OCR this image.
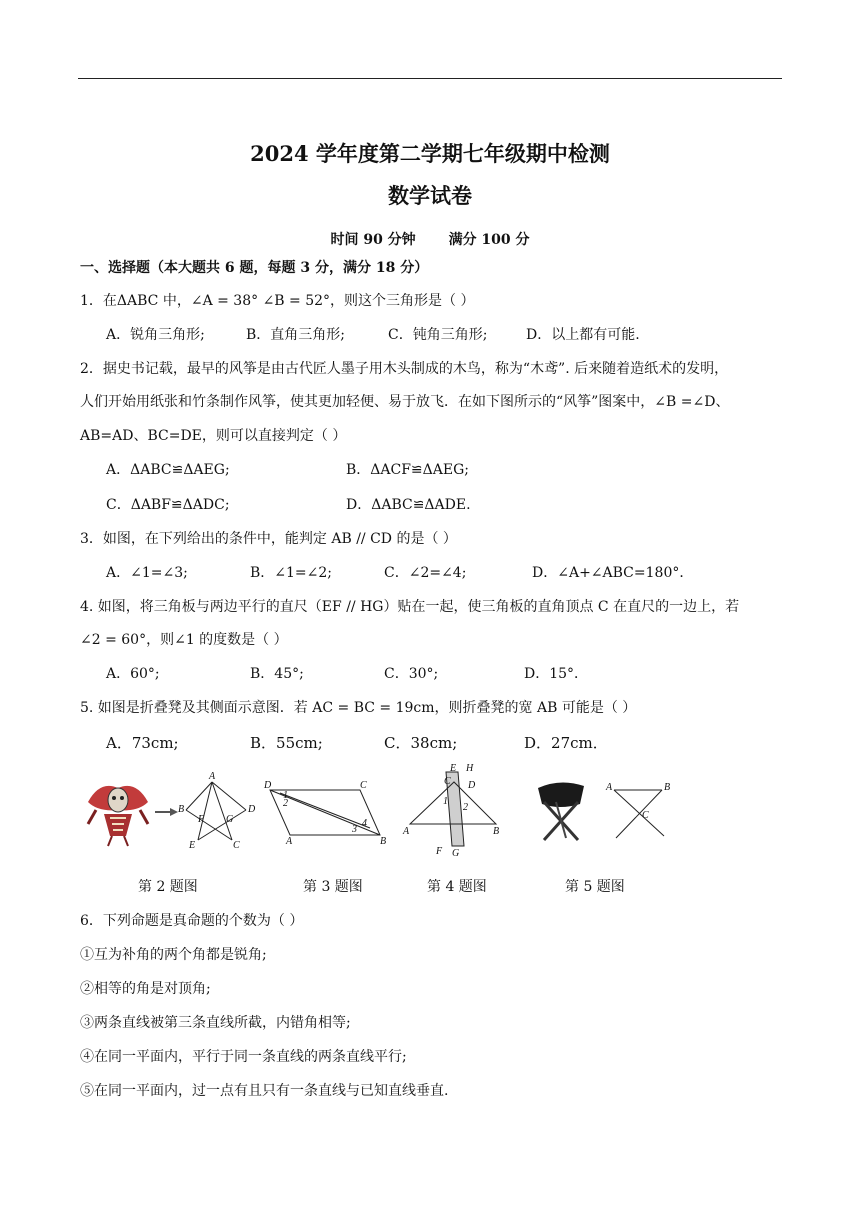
2024 学年度第二学期七年级期中检测
数学试卷
时间 90 分钟 满分 100 分
一、选择题（本大题共 6 题，每题 3 分，满分 18 分）
1．在ΔABC 中，∠A = 38° ∠B = 52°，则这个三角形是（ ）
A．锐角三角形;	B．直角三角形;	C．钝角三角形;	D．以上都有可能.
2．据史书记载，最早的风筝是由古代匠人墨子用木头制成的木鸟，称为“木鸢”. 后来随着造纸术的发明，
人们开始用纸张和竹条制作风筝，使其更加轻便、易于放飞．在如下图所示的“风筝”图案中，∠B =∠D、
AB=AD、BC=DE，则可以直接判定（ ）
A．ΔABC≌ΔAEG;	B．ΔACF≌ΔAEG;
C．ΔABF≌ΔADC;	D．ΔABC≌ΔADE.
3．如图，在下列给出的条件中，能判定 AB // CD 的是（ ）
A．∠1=∠3;	B．∠1=∠2;	C．∠2=∠4;	D．∠A+∠ABC=180°．
4. 如图，将三角板与两边平行的直尺（EF // HG）贴在一起，使三角板的直角顶点 C 在直尺的一边上，若
∠2 = 60°，则∠1 的度数是（ ）
A．60°;	B．45°;	C．30°;	D．15°．
5. 如图是折叠凳及其侧面示意图．若 AC = BC = 19cm，则折叠凳的宽 AB 可能是（ ）
A．73cm;	B．55cm;	C．38cm;	D．27cm．
A
B	D
F G
E	C
D	C
A	B
1
2
3
4
E H
C D
1
2
A	B
F G
A	B
C
第 2 题图	第 3 题图	第 4 题图	第 5 题图
6．下列命题是真命题的个数为（ ）
①互为补角的两个角都是锐角;
②相等的角是对顶角;
③两条直线被第三条直线所截，内错角相等;
④在同一平面内，平行于同一条直线的两条直线平行;
⑤在同一平面内，过一点有且只有一条直线与已知直线垂直.
